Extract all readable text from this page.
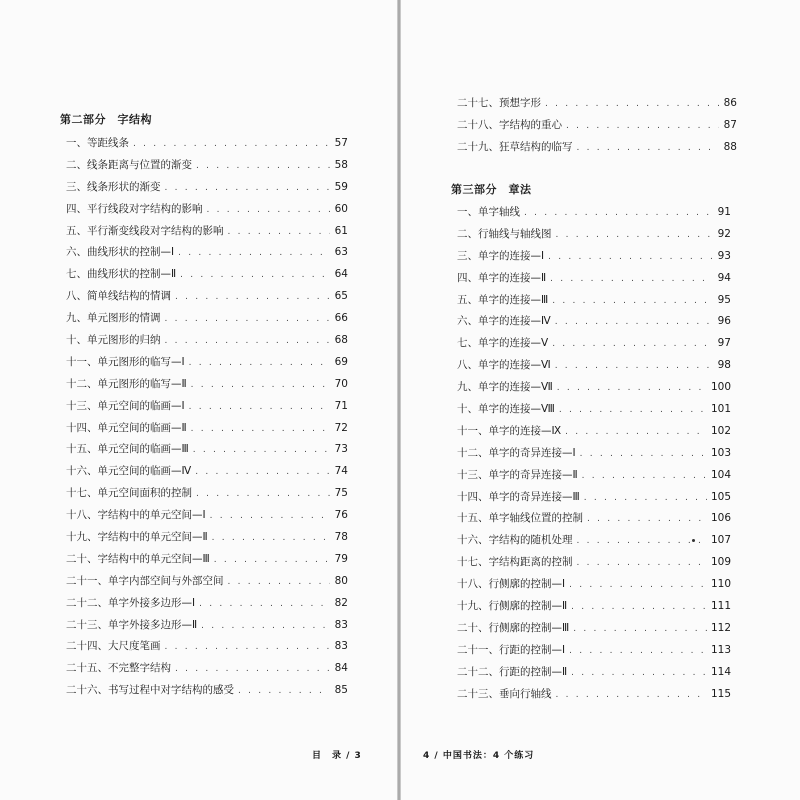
第二部分　字结构
一、等距线条 . . .	57
二、线条距离与位置的渐变 . . .	58
三、线条形状的渐变 . . .	59
四、平行线段对字结构的影响 . . .	60
五、平行渐变线段对字结构的影响 . . .	61
六、曲线形状的控制—Ⅰ . . .	63
七、曲线形状的控制—Ⅱ . . .	64
八、简单线结构的情调 . . .	65
九、单元图形的情调 . . .	66
十、单元图形的归纳 . . .	68
十一、单元图形的临写—Ⅰ . . .	69
十二、单元图形的临写—Ⅱ . . .	70
十三、单元空间的临画—Ⅰ . . .	71
十四、单元空间的临画—Ⅱ . . .	72
十五、单元空间的临画—Ⅲ . . .	73
十六、单元空间的临画—Ⅳ . . .	74
十七、单元空间面积的控制 . . .	75
十八、字结构中的单元空间—Ⅰ . . .	76
十九、字结构中的单元空间—Ⅱ . . .	78
二十、字结构中的单元空间—Ⅲ . . .	79
二十一、单字内部空间与外部空间 . . .	80
二十二、单字外接多边形—Ⅰ . . .	82
二十三、单字外接多边形—Ⅱ . . .	83
二十四、大尺度笔画 . . .	83
二十五、不完整字结构 . . .	84
二十六、书写过程中对字结构的感受 . . .	85
目　录 / 3
二十七、预想字形 . . .	86
二十八、字结构的重心 . . .	87
二十九、狂草结构的临写 . . .	88
第三部分　章法
一、单字轴线 . . .	91
二、行轴线与轴线图 . . .	92
三、单字的连接—Ⅰ . . .	93
四、单字的连接—Ⅱ . . .	94
五、单字的连接—Ⅲ . . .	95
六、单字的连接—Ⅳ . . .	96
七、单字的连接—Ⅴ . . .	97
八、单字的连接—Ⅵ . . .	98
九、单字的连接—Ⅶ . . .	100
十、单字的连接—Ⅷ . . .	101
十一、单字的连接—Ⅸ . . .	102
十二、单字的奇异连接—Ⅰ . . .	103
十三、单字的奇异连接—Ⅱ . . .	104
十四、单字的奇异连接—Ⅲ . . .	105
十五、单字轴线位置的控制 . . .	106
十六、字结构的随机处理 . . .	107
十七、字结构距离的控制 . . .	109
十八、行侧廓的控制—Ⅰ . . .	110
十九、行侧廓的控制—Ⅱ . . .	111
二十、行侧廓的控制—Ⅲ . . .	112
二十一、行距的控制—Ⅰ . . .	113
二十二、行距的控制—Ⅱ . . .	114
二十三、垂向行轴线 . . .	115
4 / 中国书法：4 个练习
